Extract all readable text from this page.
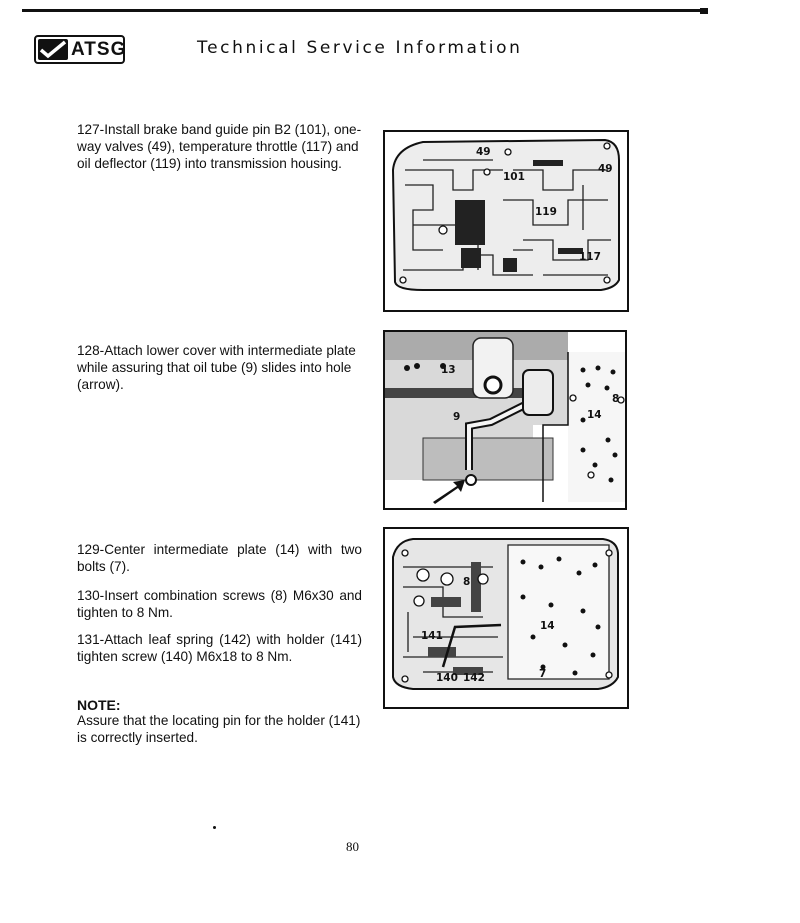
ATSG	Technical Service Information

127-Install brake band guide pin B2 (101), one-way valves (49), temperature throttle (117) and oil deflector (119) into transmission housing.

128-Attach lower cover with intermediate plate while assuring that oil tube (9) slides into hole (arrow).

129-Center intermediate plate (14) with two bolts (7).

130-Insert combination screws (8) M6x30 and tighten to 8 Nm.

131-Attach leaf spring (142) with holder (141) tighten screw (140) M6x18 to 8 Nm.

NOTE:
Assure that the locating pin for the holder (141) is correctly inserted.
49
101
49
119
117
13
9
8
14
8
14
141
140 142	7
80
